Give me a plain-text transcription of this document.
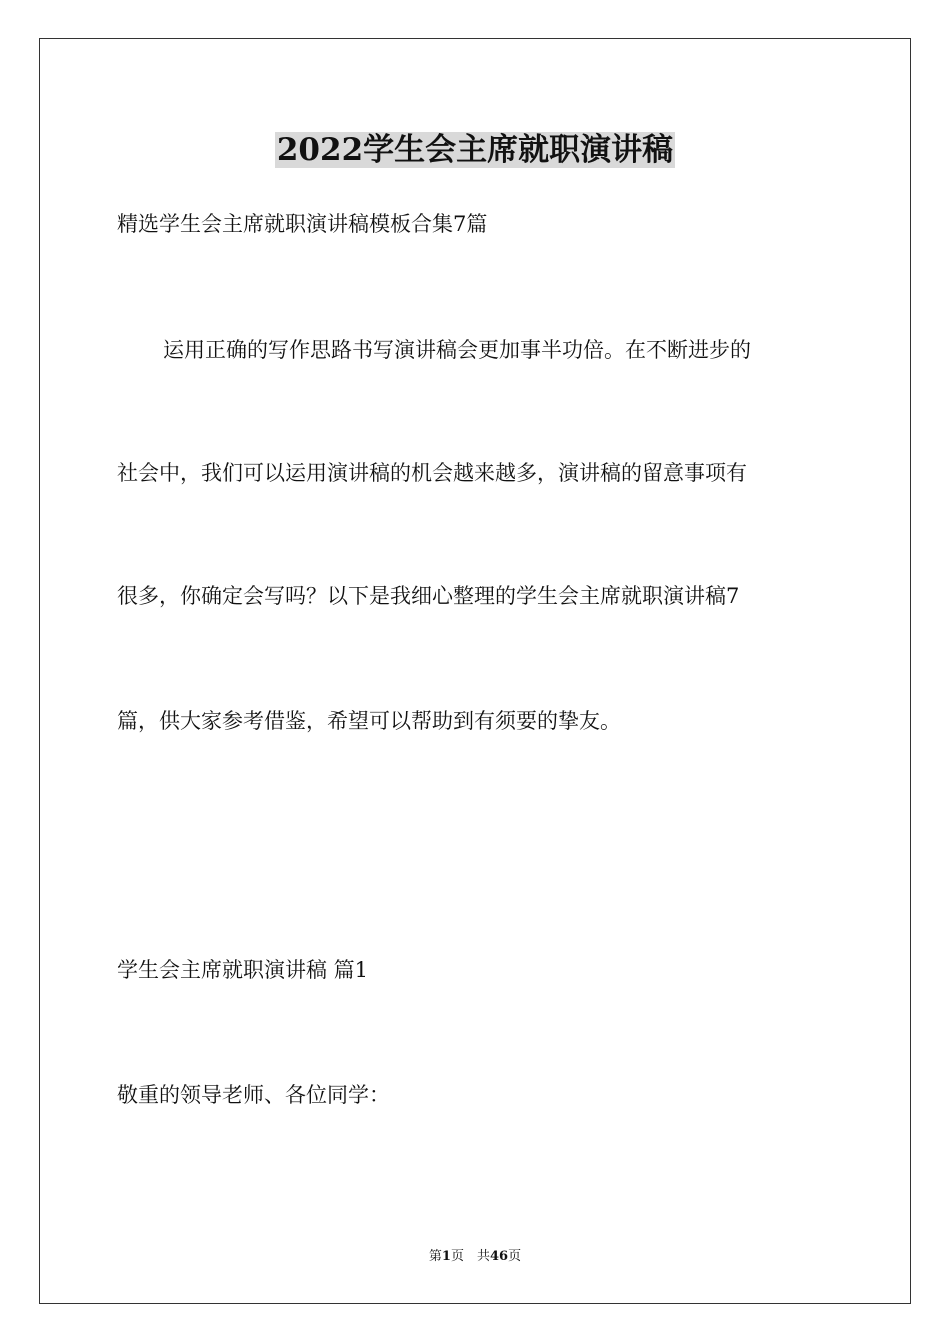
2022学生会主席就职演讲稿
精选学生会主席就职演讲稿模板合集7篇
运用正确的写作思路书写演讲稿会更加事半功倍。在不断进步的
社会中，我们可以运用演讲稿的机会越来越多，演讲稿的留意事项有
很多，你确定会写吗？以下是我细心整理的学生会主席就职演讲稿7
篇，供大家参考借鉴，希望可以帮助到有须要的挚友。
学生会主席就职演讲稿 篇1
敬重的领导老师、各位同学：
第1页　共46页
